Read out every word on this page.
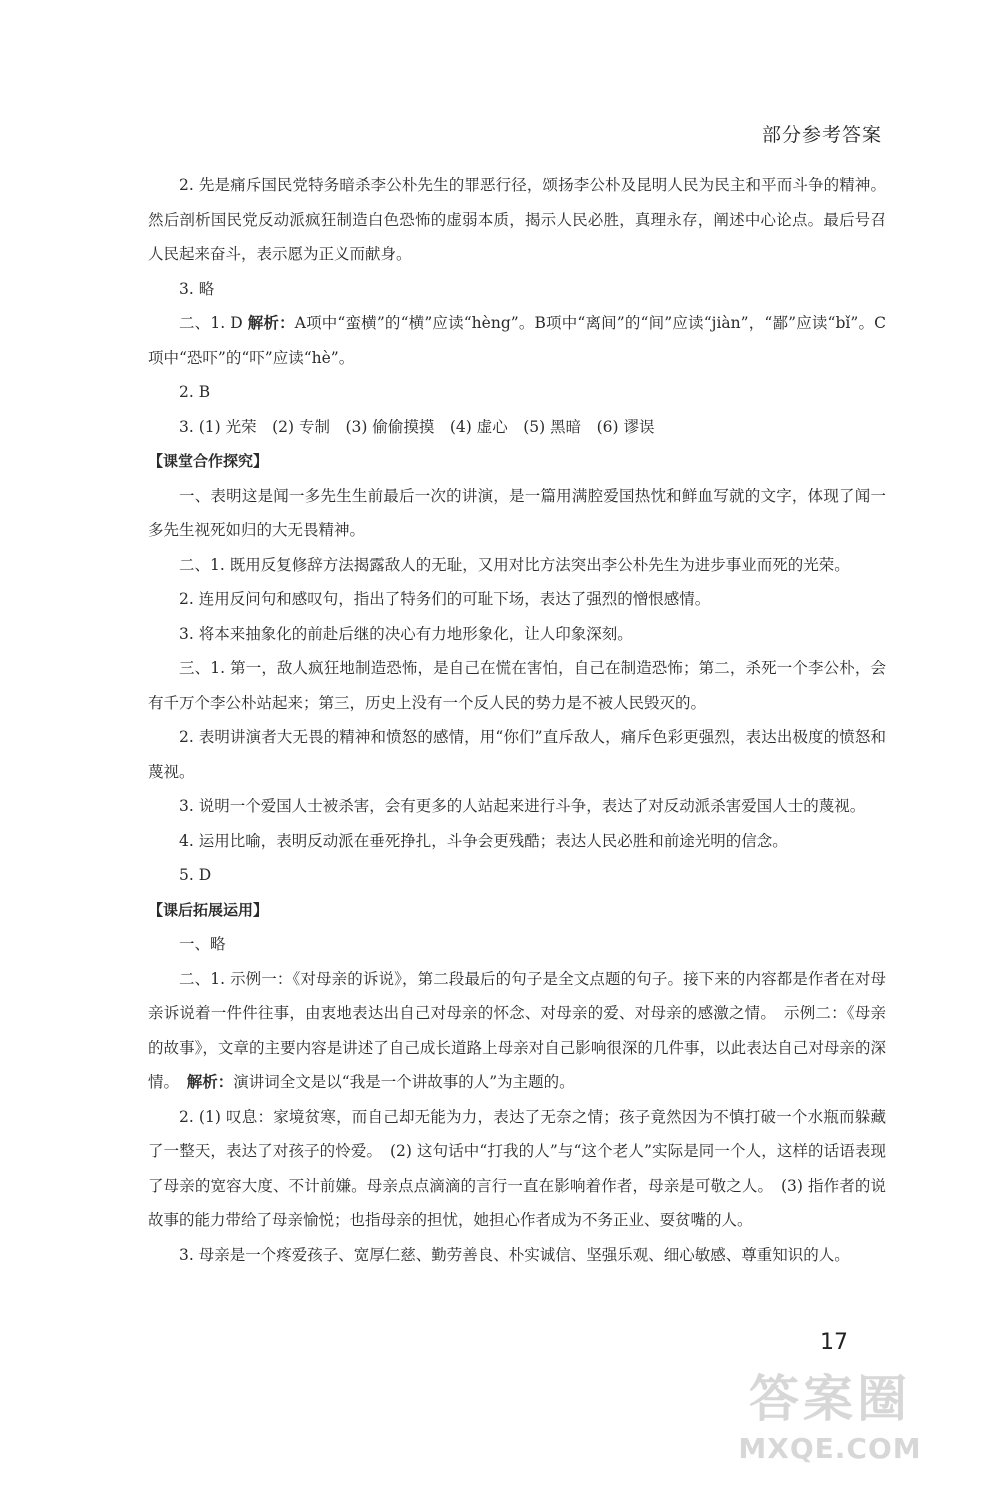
部分参考答案

2. 先是痛斥国民党特务暗杀李公朴先生的罪恶行径，颂扬李公朴及昆明人民为民主和平而斗争的精神。然后剖析国民党反动派疯狂制造白色恐怖的虚弱本质，揭示人民必胜，真理永存，阐述中心论点。最后号召人民起来奋斗，表示愿为正义而献身。

3. 略

二、1. D 解析：A项中“蛮横”的“横”应读“hèng”。B项中“离间”的“间”应读“jiàn”，“鄙”应读“bǐ”。C项中“恐吓”的“吓”应读“hè”。

2. B

3. (1) 光荣　(2) 专制　(3) 偷偷摸摸　(4) 虚心　(5) 黑暗　(6) 谬误

【课堂合作探究】

一、表明这是闻一多先生生前最后一次的讲演，是一篇用满腔爱国热忱和鲜血写就的文字，体现了闻一多先生视死如归的大无畏精神。

二、1. 既用反复修辞方法揭露敌人的无耻，又用对比方法突出李公朴先生为进步事业而死的光荣。

2. 连用反问句和感叹句，指出了特务们的可耻下场，表达了强烈的憎恨感情。

3. 将本来抽象化的前赴后继的决心有力地形象化，让人印象深刻。

三、1. 第一，敌人疯狂地制造恐怖，是自己在慌在害怕，自己在制造恐怖；第二，杀死一个李公朴，会有千万个李公朴站起来；第三，历史上没有一个反人民的势力是不被人民毁灭的。

2. 表明讲演者大无畏的精神和愤怒的感情，用“你们”直斥敌人，痛斥色彩更强烈，表达出极度的愤怒和蔑视。

3. 说明一个爱国人士被杀害，会有更多的人站起来进行斗争，表达了对反动派杀害爱国人士的蔑视。

4. 运用比喻，表明反动派在垂死挣扎，斗争会更残酷；表达人民必胜和前途光明的信念。

5. D

【课后拓展运用】

一、略

二、1. 示例一：《对母亲的诉说》，第二段最后的句子是全文点题的句子。接下来的内容都是作者在对母亲诉说着一件件往事，由衷地表达出自己对母亲的怀念、对母亲的爱、对母亲的感激之情。　示例二：《母亲的故事》，文章的主要内容是讲述了自己成长道路上母亲对自己影响很深的几件事，以此表达自己对母亲的深情。　解析：演讲词全文是以“我是一个讲故事的人”为主题的。

2. (1) 叹息：家境贫寒，而自己却无能为力，表达了无奈之情；孩子竟然因为不慎打破一个水瓶而躲藏了一整天，表达了对孩子的怜爱。　(2) 这句话中“打我的人”与“这个老人”实际是同一个人，这样的话语表现了母亲的宽容大度、不计前嫌。母亲点点滴滴的言行一直在影响着作者，母亲是可敬之人。　(3) 指作者的说故事的能力带给了母亲愉悦；也指母亲的担忧，她担心作者成为不务正业、耍贫嘴的人。

3. 母亲是一个疼爱孩子、宽厚仁慈、勤劳善良、朴实诚信、坚强乐观、细心敏感、尊重知识的人。

17
答案圈
MXQE.COM
